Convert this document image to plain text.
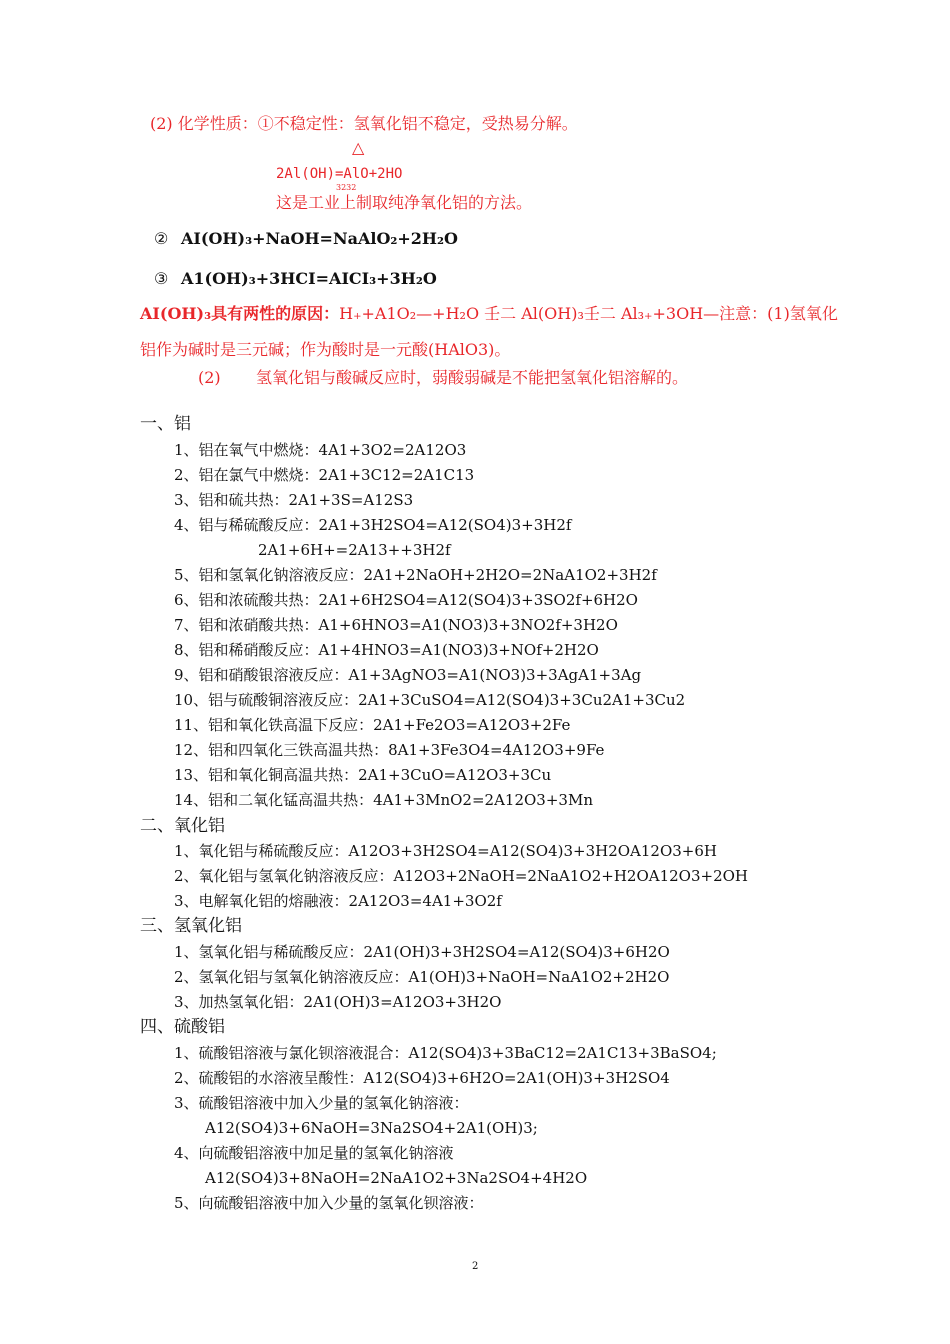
(2) 化学性质：①不稳定性：氢氧化铝不稳定，受热易分解。
△
2Al(OH)=AlO+2HO
3232
这是工业上制取纯净氧化铝的方法。
② AI(OH)₃+NaOH=NaAlO₂+2H₂O
③ A1(OH)₃+3HCI=AICI₃+3H₂O
AI(OH)₃具有两性的原因：H₊+A1O₂—+H₂O 壬二 Al(OH)₃壬二 Al₃₊+3OH—注意：(1)氢氧化
铝作为碱时是三元碱；作为酸时是一元酸(HAlO3)。
(2) 氢氧化铝与酸碱反应时，弱酸弱碱是不能把氢氧化铝溶解的。
一、铝
1、铝在氧气中燃烧：4A1+3O2=2A12O3
2、铝在氯气中燃烧：2A1+3C12=2A1C13
3、铝和硫共热：2A1+3S=A12S3
4、铝与稀硫酸反应：2A1+3H2SO4=A12(SO4)3+3H2f
2A1+6H+=2A13++3H2f
5、铝和氢氧化钠溶液反应：2A1+2NaOH+2H2O=2NaA1O2+3H2f
6、铝和浓硫酸共热：2A1+6H2SO4=A12(SO4)3+3SO2f+6H2O
7、铝和浓硝酸共热：A1+6HNO3=A1(NO3)3+3NO2f+3H2O
8、铝和稀硝酸反应：A1+4HNO3=A1(NO3)3+NOf+2H2O
9、铝和硝酸银溶液反应：A1+3AgNO3=A1(NO3)3+3AgA1+3Ag
10、铝与硫酸铜溶液反应：2A1+3CuSO4=A12(SO4)3+3Cu2A1+3Cu2
11、铝和氧化铁高温下反应：2A1+Fe2O3=A12O3+2Fe
12、铝和四氧化三铁高温共热：8A1+3Fe3O4=4A12O3+9Fe
13、铝和氧化铜高温共热：2A1+3CuO=A12O3+3Cu
14、铝和二氧化锰高温共热：4A1+3MnO2=2A12O3+3Mn
二、氧化铝
1、氧化铝与稀硫酸反应：A12O3+3H2SO4=A12(SO4)3+3H2OA12O3+6H
2、氧化铝与氢氧化钠溶液反应：A12O3+2NaOH=2NaA1O2+H2OA12O3+2OH
3、电解氧化铝的熔融液：2A12O3=4A1+3O2f
三、氢氧化铝
1、氢氧化铝与稀硫酸反应：2A1(OH)3+3H2SO4=A12(SO4)3+6H2O
2、氢氧化铝与氢氧化钠溶液反应：A1(OH)3+NaOH=NaA1O2+2H2O
3、加热氢氧化铝：2A1(OH)3=A12O3+3H2O
四、硫酸铝
1、硫酸铝溶液与氯化钡溶液混合：A12(SO4)3+3BaC12=2A1C13+3BaSO4;
2、硫酸铝的水溶液呈酸性：A12(SO4)3+6H2O=2A1(OH)3+3H2SO4
3、硫酸铝溶液中加入少量的氢氧化钠溶液：
A12(SO4)3+6NaOH=3Na2SO4+2A1(OH)3;
4、向硫酸铝溶液中加足量的氢氧化钠溶液
A12(SO4)3+8NaOH=2NaA1O2+3Na2SO4+4H2O
5、向硫酸铝溶液中加入少量的氢氧化钡溶液：
2
